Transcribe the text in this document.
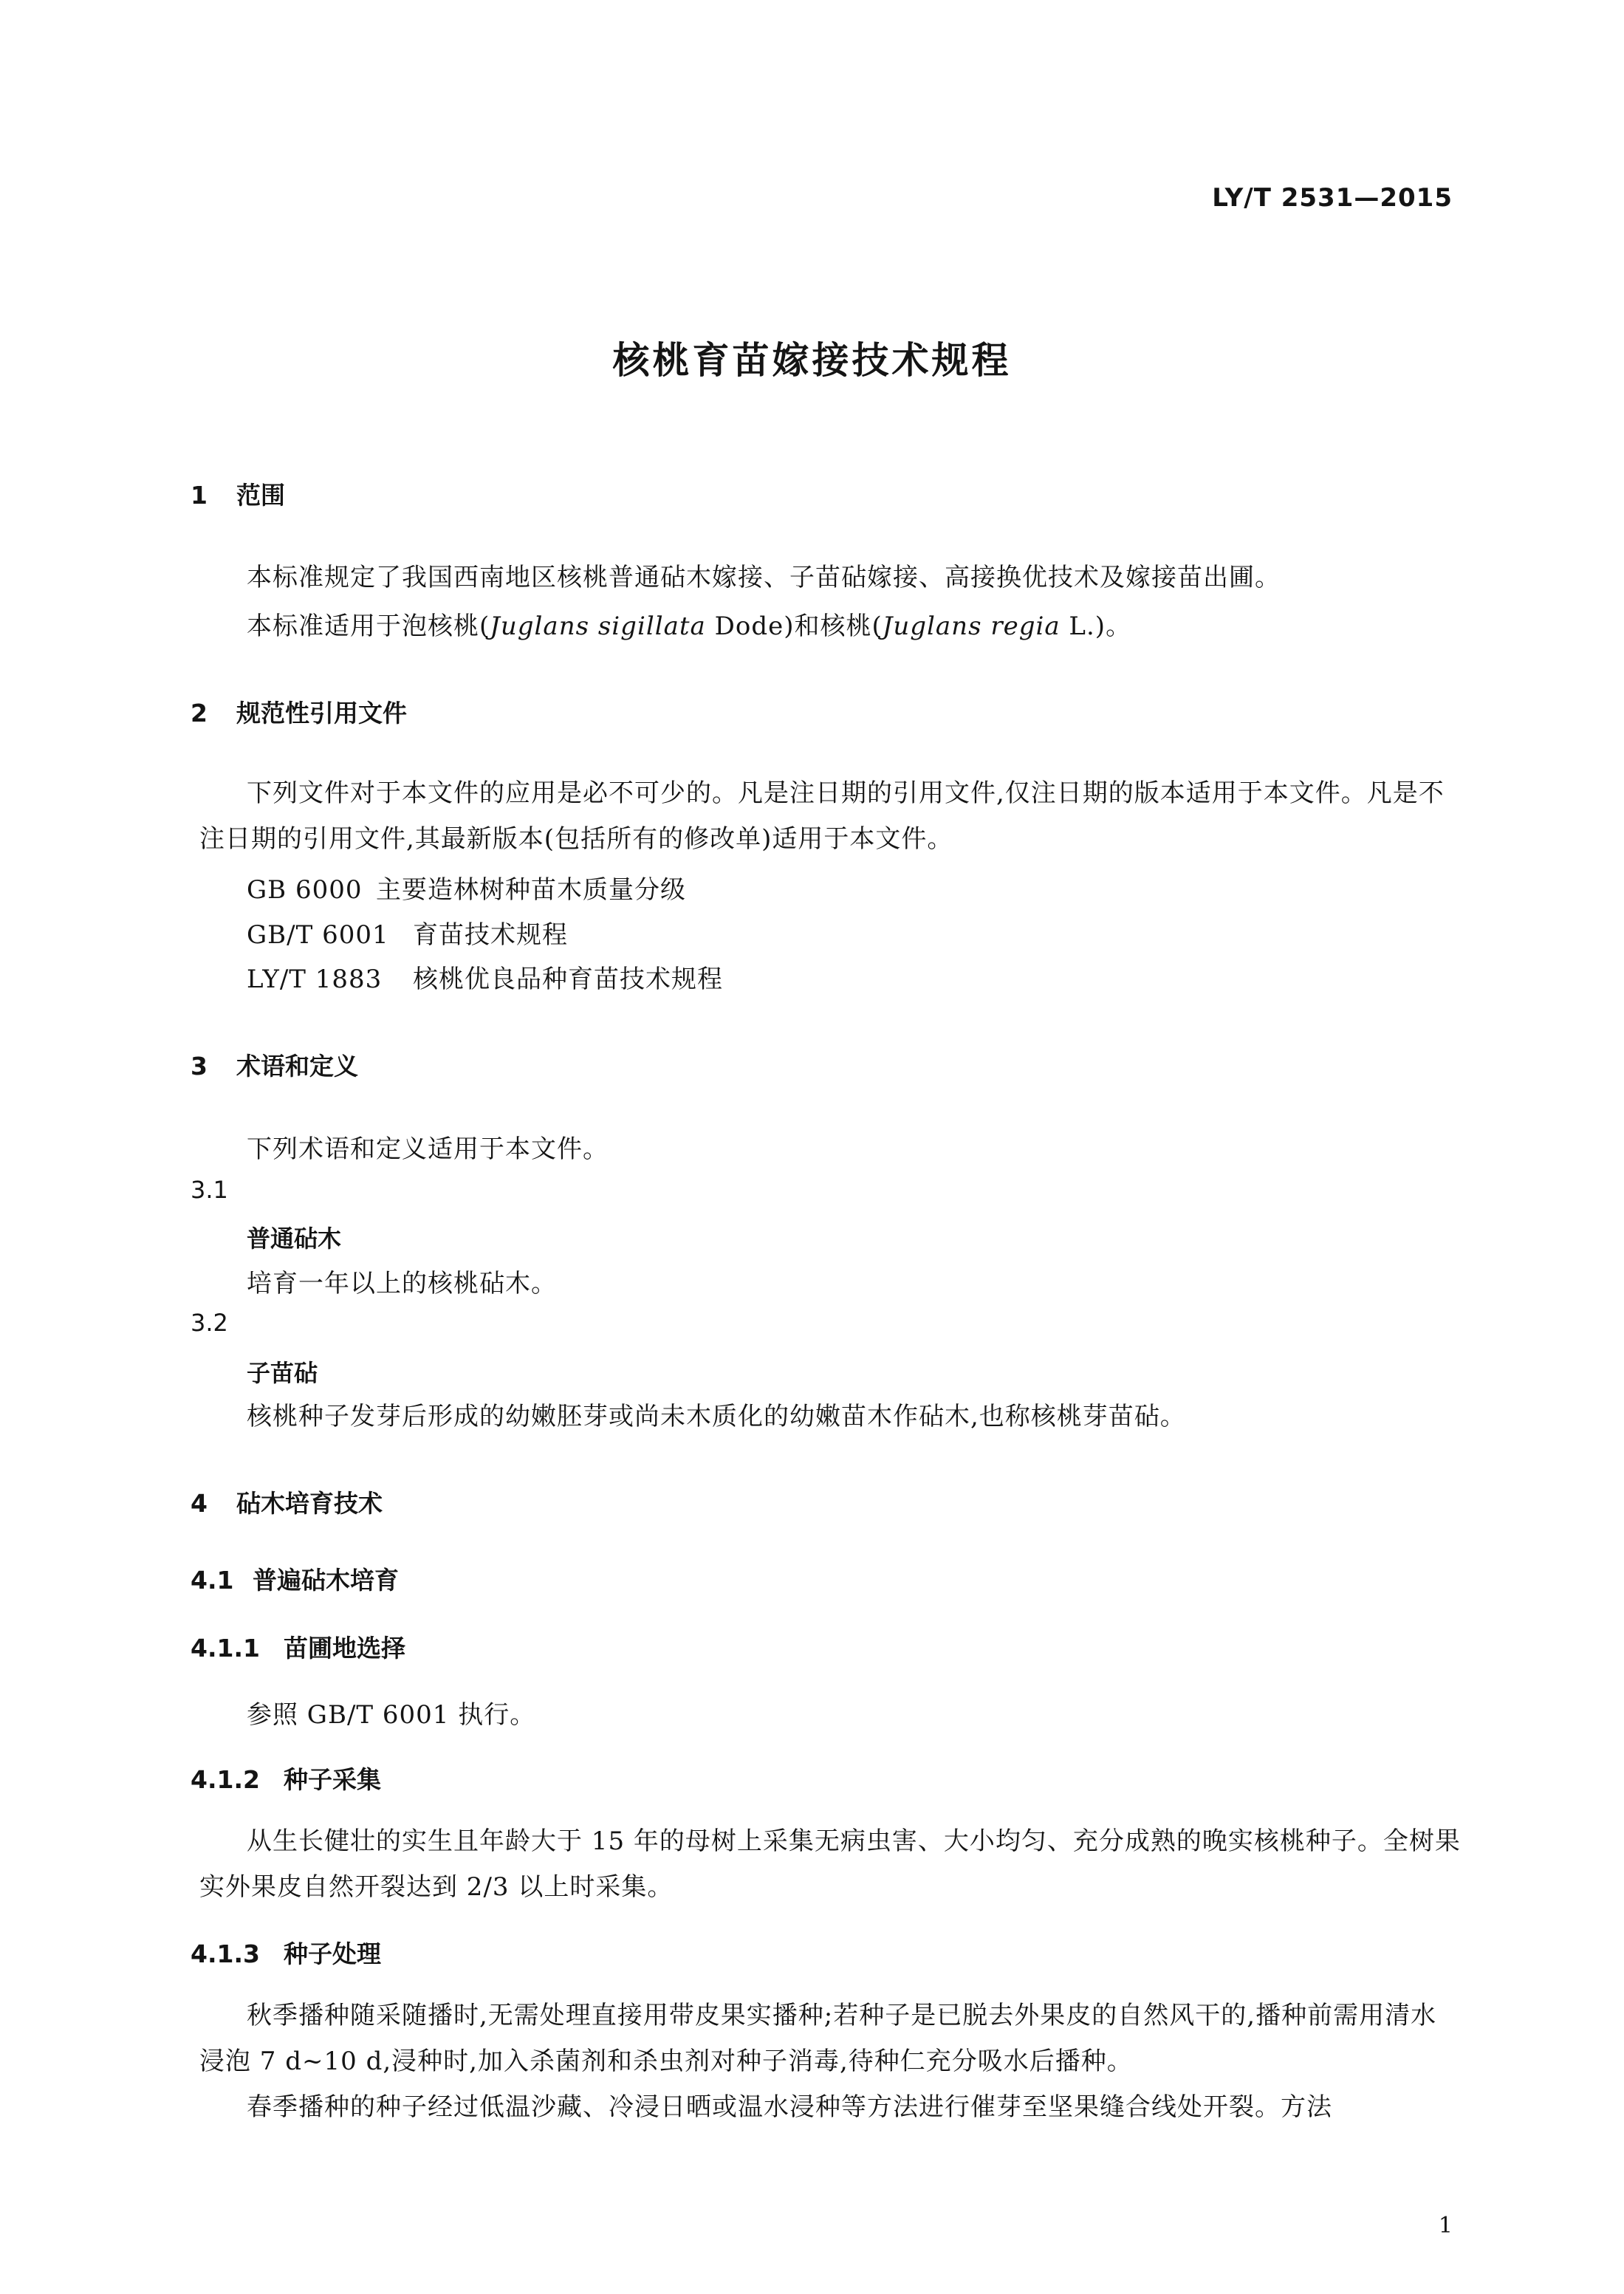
LY/T 2531—2015
核桃育苗嫁接技术规程
1 范围
本标准规定了我国西南地区核桃普通砧木嫁接、子苗砧嫁接、高接换优技术及嫁接苗出圃。
本标准适用于泡核桃(Juglans sigillata Dode)和核桃(Juglans regia L.)。
2 规范性引用文件
下列文件对于本文件的应用是必不可少的。凡是注日期的引用文件,仅注日期的版本适用于本文件。凡是不注日期的引用文件,其最新版本(包括所有的修改单)适用于本文件。
GB 6000 主要造林树种苗木质量分级
GB/T 6001 育苗技术规程
LY/T 1883 核桃优良品种育苗技术规程
3 术语和定义
下列术语和定义适用于本文件。
3.1
普通砧木
培育一年以上的核桃砧木。
3.2
子苗砧
核桃种子发芽后形成的幼嫩胚芽或尚未木质化的幼嫩苗木作砧木,也称核桃芽苗砧。
4 砧木培育技术
4.1 普遍砧木培育
4.1.1 苗圃地选择
参照 GB/T 6001 执行。
4.1.2 种子采集
从生长健壮的实生且年龄大于 15 年的母树上采集无病虫害、大小均匀、充分成熟的晚实核桃种子。全树果实外果皮自然开裂达到 2/3 以上时采集。
4.1.3 种子处理
秋季播种随采随播时,无需处理直接用带皮果实播种;若种子是已脱去外果皮的自然风干的,播种前需用清水浸泡 7 d~10 d,浸种时,加入杀菌剂和杀虫剂对种子消毒,待种仁充分吸水后播种。
春季播种的种子经过低温沙藏、冷浸日晒或温水浸种等方法进行催芽至坚果缝合线处开裂。方法
1
